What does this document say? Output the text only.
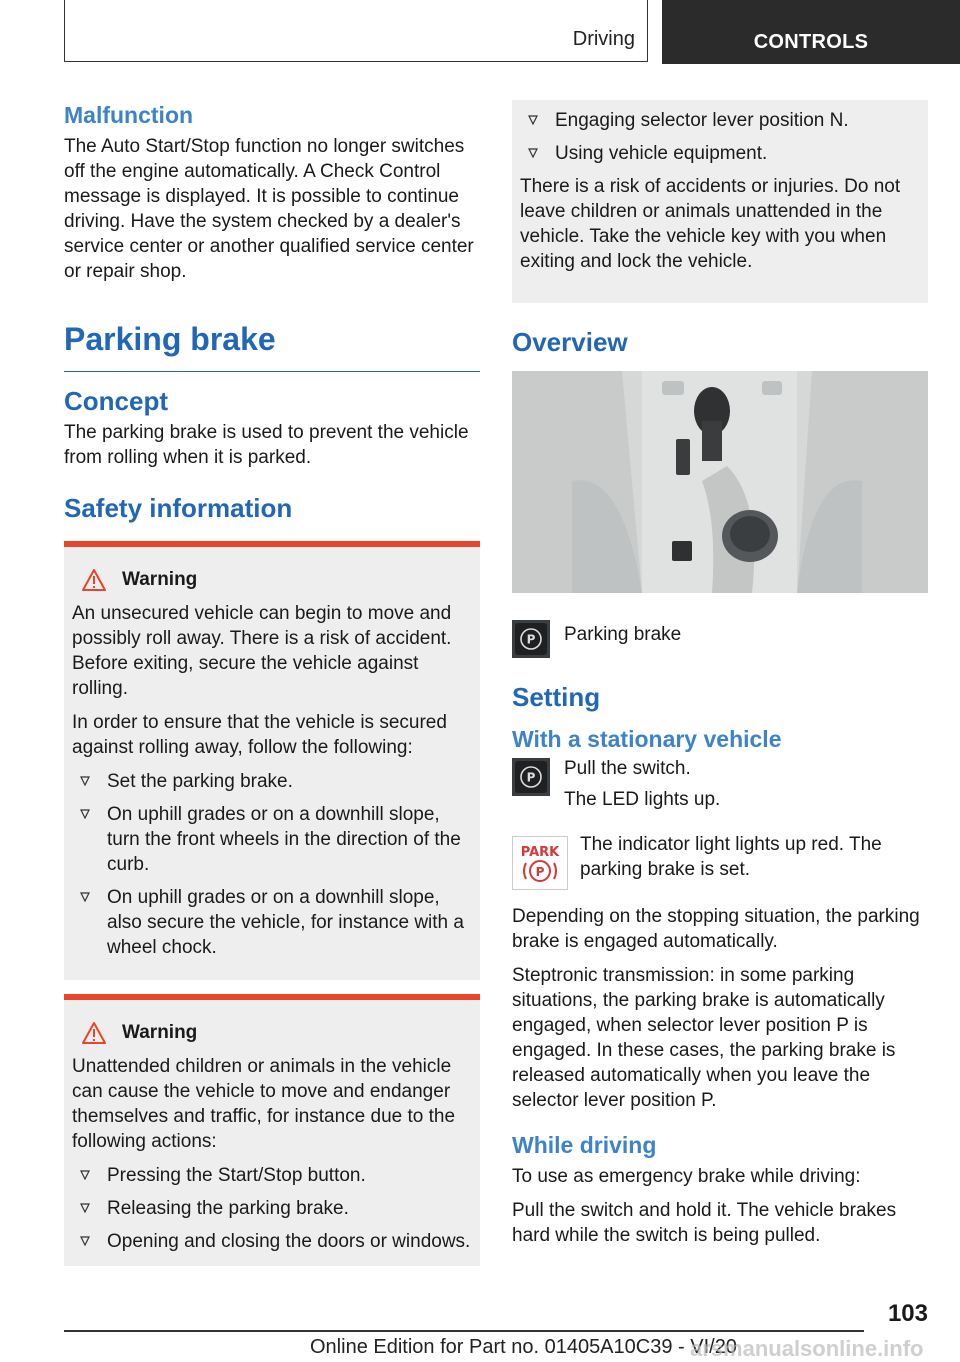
Driving	CONTROLS
Malfunction

The Auto Start/Stop function no longer switches off the engine automatically. A Check Control message is displayed. It is possible to continue driving. Have the system checked by a dealer's service center or another qualified service center or repair shop.

Parking brake
Concept

The parking brake is used to prevent the vehicle from rolling when it is parked.

Safety information
Warning

An unsecured vehicle can begin to move and possibly roll away. There is a risk of accident. Before exiting, secure the vehicle against rolling.

In order to ensure that the vehicle is secured against rolling away, follow the following:

Set the parking brake.
On uphill grades or on a downhill slope, turn the front wheels in the direction of the curb.
On uphill grades or on a downhill slope, also secure the vehicle, for instance with a wheel chock.
Warning

Unattended children or animals in the vehicle can cause the vehicle to move and endanger themselves and traffic, for instance due to the following actions:

Pressing the Start/Stop button.
Releasing the parking brake.
Opening and closing the doors or windows.
Engaging selector lever position N.
Using vehicle equipment.

There is a risk of accidents or injuries. Do not leave children or animals unattended in the vehicle. Take the vehicle key with you when exiting and lock the vehicle.

Overview
P Parking brake

Setting
With a stationary vehicle
P Pull the switch.

The LED lights up.

PARK
P

The indicator light lights up red. The parking brake is set.

Depending on the stopping situation, the parking brake is engaged automatically.

Steptronic transmission: in some parking situations, the parking brake is automatically engaged, when selector lever position P is engaged. In these cases, the parking brake is released automatically when you leave the selector lever position P.

While driving

To use as emergency brake while driving:

Pull the switch and hold it. The vehicle brakes hard while the switch is being pulled.

103
Online Edition for Part no. 01405A10C39 - VI/20
arsmanualsonline.info
